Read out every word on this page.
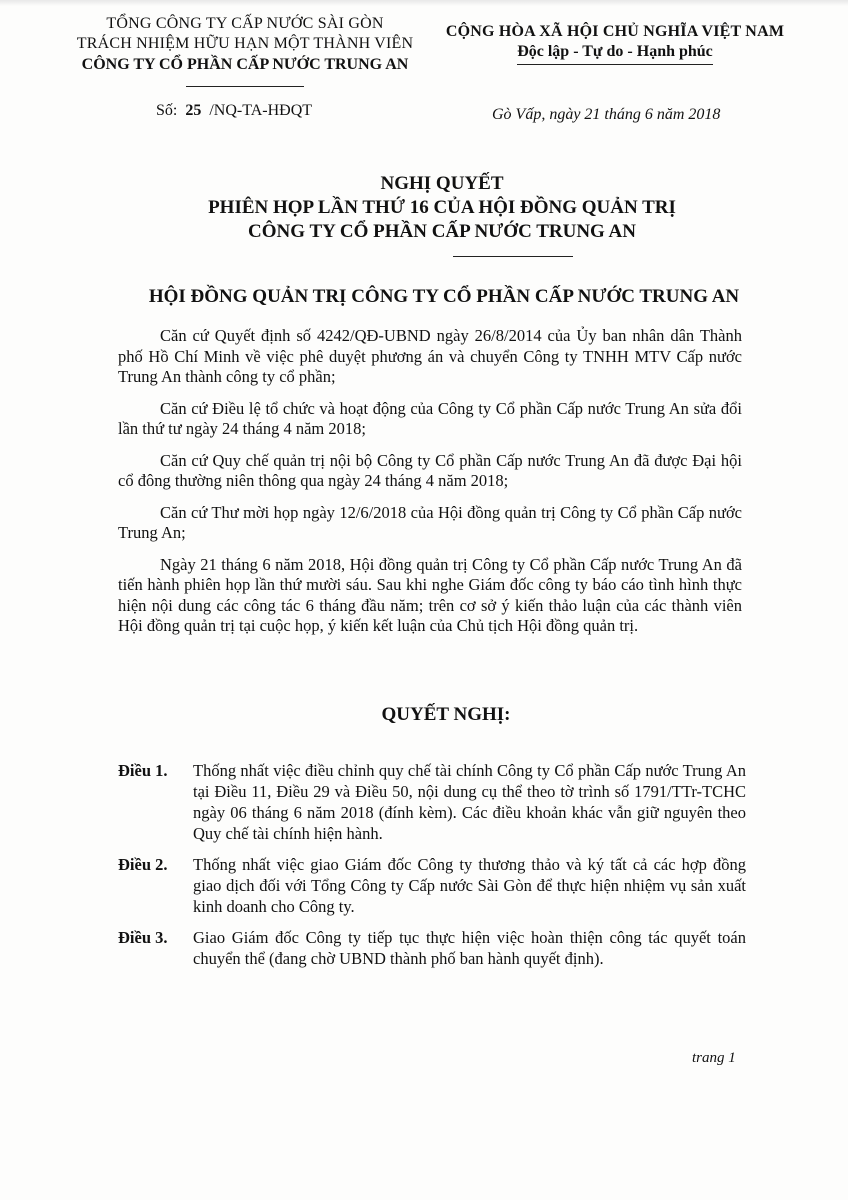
TỔNG CÔNG TY CẤP NƯỚC SÀI GÒN
TRÁCH NHIỆM HỮU HẠN MỘT THÀNH VIÊN
CÔNG TY CỔ PHẦN CẤP NƯỚC TRUNG AN
CỘNG HÒA XÃ HỘI CHỦ NGHĨA VIỆT NAM
Độc lập - Tự do - Hạnh phúc
Số: 25 /NQ-TA-HĐQT	Gò Vấp, ngày 21 tháng 6 năm 2018
NGHỊ QUYẾT
PHIÊN HỌP LẦN THỨ 16 CỦA HỘI ĐỒNG QUẢN TRỊ
CÔNG TY CỔ PHẦN CẤP NƯỚC TRUNG AN
HỘI ĐỒNG QUẢN TRỊ CÔNG TY CỔ PHẦN CẤP NƯỚC TRUNG AN

Căn cứ Quyết định số 4242/QĐ-UBND ngày 26/8/2014 của Ủy ban nhân dân Thành phố Hồ Chí Minh về việc phê duyệt phương án và chuyển Công ty TNHH MTV Cấp nước Trung An thành công ty cổ phần;

Căn cứ Điều lệ tổ chức và hoạt động của Công ty Cổ phần Cấp nước Trung An sửa đổi lần thứ tư ngày 24 tháng 4 năm 2018;

Căn cứ Quy chế quản trị nội bộ Công ty Cổ phần Cấp nước Trung An đã được Đại hội cổ đông thường niên thông qua ngày 24 tháng 4 năm 2018;

Căn cứ Thư mời họp ngày 12/6/2018 của Hội đồng quản trị Công ty Cổ phần Cấp nước Trung An;

Ngày 21 tháng 6 năm 2018, Hội đồng quản trị Công ty Cổ phần Cấp nước Trung An đã tiến hành phiên họp lần thứ mười sáu. Sau khi nghe Giám đốc công ty báo cáo tình hình thực hiện nội dung các công tác 6 tháng đầu năm; trên cơ sở ý kiến thảo luận của các thành viên Hội đồng quản trị tại cuộc họp, ý kiến kết luận của Chủ tịch Hội đồng quản trị.

QUYẾT NGHỊ:
Điều 1.	Thống nhất việc điều chỉnh quy chế tài chính Công ty Cổ phần Cấp nước Trung An tại Điều 11, Điều 29 và Điều 50, nội dung cụ thể theo tờ trình số 1791/TTr-TCHC ngày 06 tháng 6 năm 2018 (đính kèm). Các điều khoản khác vẫn giữ nguyên theo Quy chế tài chính hiện hành.
Điều 2.	Thống nhất việc giao Giám đốc Công ty thương thảo và ký tất cả các hợp đồng giao dịch đối với Tổng Công ty Cấp nước Sài Gòn để thực hiện nhiệm vụ sản xuất kinh doanh cho Công ty.
Điều 3.	Giao Giám đốc Công ty tiếp tục thực hiện việc hoàn thiện công tác quyết toán chuyển thể (đang chờ UBND thành phố ban hành quyết định).
trang 1
